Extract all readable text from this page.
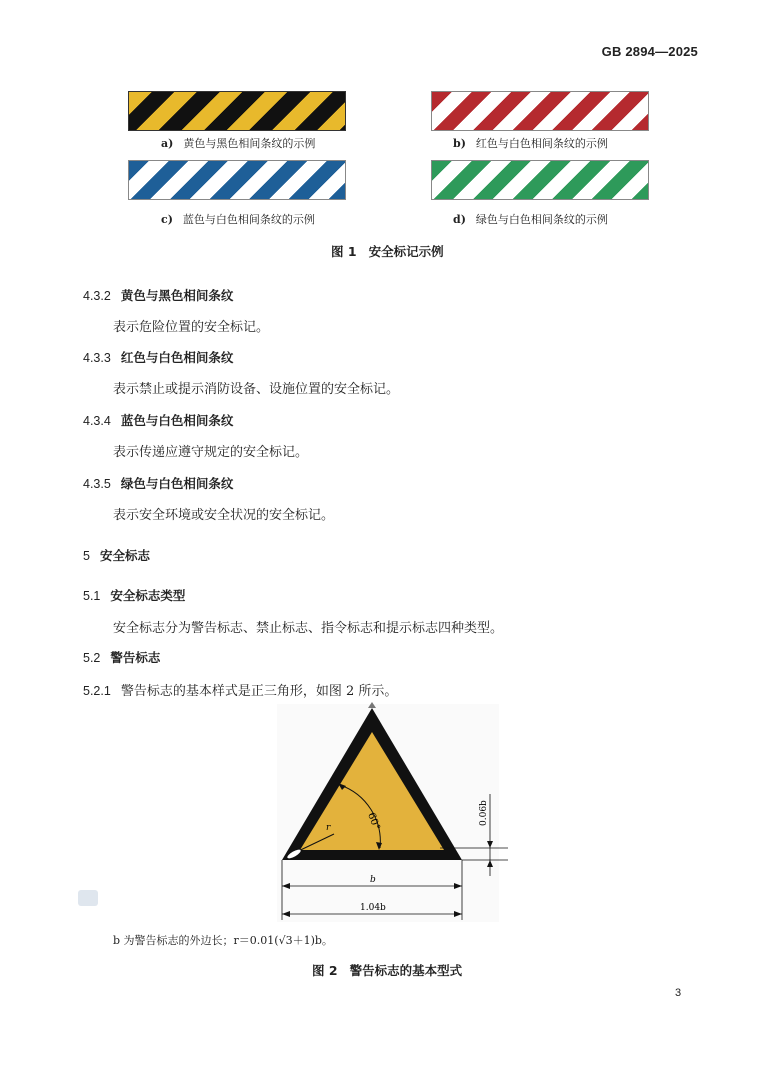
GB 2894—2025
a) 黄色与黑色相间条纹的示例	b) 红色与白色相间条纹的示例
c) 蓝色与白色相间条纹的示例	d) 绿色与白色相间条纹的示例
图 1 安全标记示例
4.3.2 黄色与黑色相间条纹
表示危险位置的安全标记。
4.3.3 红色与白色相间条纹
表示禁止或提示消防设备、设施位置的安全标记。
4.3.4 蓝色与白色相间条纹
表示传递应遵守规定的安全标记。
4.3.5 绿色与白色相间条纹
表示安全环境或安全状况的安全标记。
5 安全标志
5.1 安全标志类型
安全标志分为警告标志、禁止标志、指令标志和提示标志四种类型。
5.2 警告标志
5.2.1 警告标志的基本样式是正三角形，如图 2 所示。
60°
r
0.06b
b
1.04b
b 为警告标志的外边长；r＝0.01(√3＋1)b。
图 2 警告标志的基本型式
3
